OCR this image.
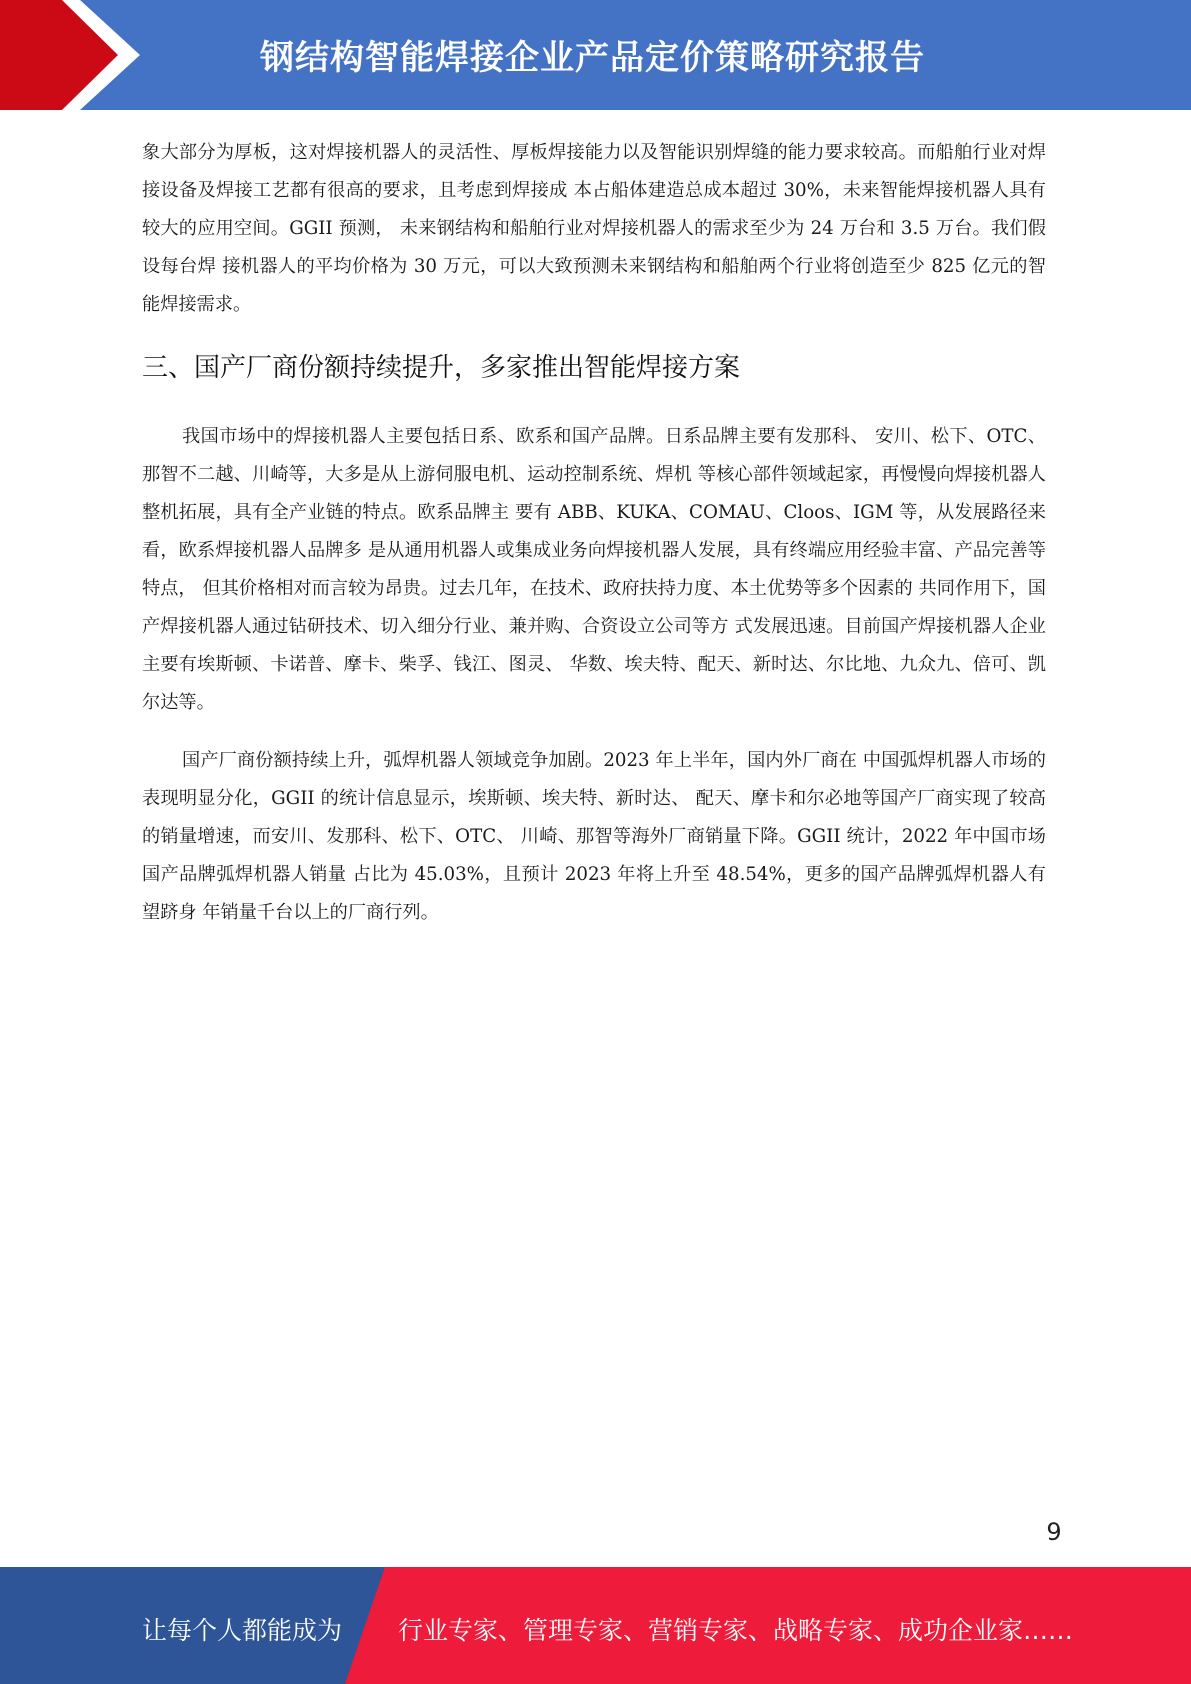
钢结构智能焊接企业产品定价策略研究报告

象大部分为厚板，这对焊接机器人的灵活性、厚板焊接能力以及智能识别焊缝的能力要求较高。而船舶行业对焊接设备及焊接工艺都有很高的要求，且考虑到焊接成 本占船体建造总成本超过 30%，未来智能焊接机器人具有较大的应用空间。GGII 预测， 未来钢结构和船舶行业对焊接机器人的需求至少为 24 万台和 3.5 万台。我们假设每台焊 接机器人的平均价格为 30 万元，可以大致预测未来钢结构和船舶两个行业将创造至少 825 亿元的智能焊接需求。

三、国产厂商份额持续提升，多家推出智能焊接方案

我国市场中的焊接机器人主要包括日系、欧系和国产品牌。日系品牌主要有发那科、 安川、松下、OTC、那智不二越、川崎等，大多是从上游伺服电机、运动控制系统、焊机 等核心部件领域起家，再慢慢向焊接机器人整机拓展，具有全产业链的特点。欧系品牌主 要有 ABB、KUKA、COMAU、Cloos、IGM 等，从发展路径来看，欧系焊接机器人品牌多 是从通用机器人或集成业务向焊接机器人发展，具有终端应用经验丰富、产品完善等特点， 但其价格相对而言较为昂贵。过去几年，在技术、政府扶持力度、本土优势等多个因素的 共同作用下，国产焊接机器人通过钻研技术、切入细分行业、兼并购、合资设立公司等方 式发展迅速。目前国产焊接机器人企业主要有埃斯顿、卡诺普、摩卡、柴孚、钱江、图灵、 华数、埃夫特、配天、新时达、尔比地、九众九、倍可、凯尔达等。

国产厂商份额持续上升，弧焊机器人领域竞争加剧。2023 年上半年，国内外厂商在 中国弧焊机器人市场的表现明显分化，GGII 的统计信息显示，埃斯顿、埃夫特、新时达、 配天、摩卡和尔必地等国产厂商实现了较高的销量增速，而安川、发那科、松下、OTC、 川崎、那智等海外厂商销量下降。GGII 统计，2022 年中国市场国产品牌弧焊机器人销量 占比为 45.03%，且预计 2023 年将上升至 48.54%，更多的国产品牌弧焊机器人有望跻身 年销量千台以上的厂商行列。

9
让每个人都能成为 行业专家、管理专家、营销专家、战略专家、成功企业家……
